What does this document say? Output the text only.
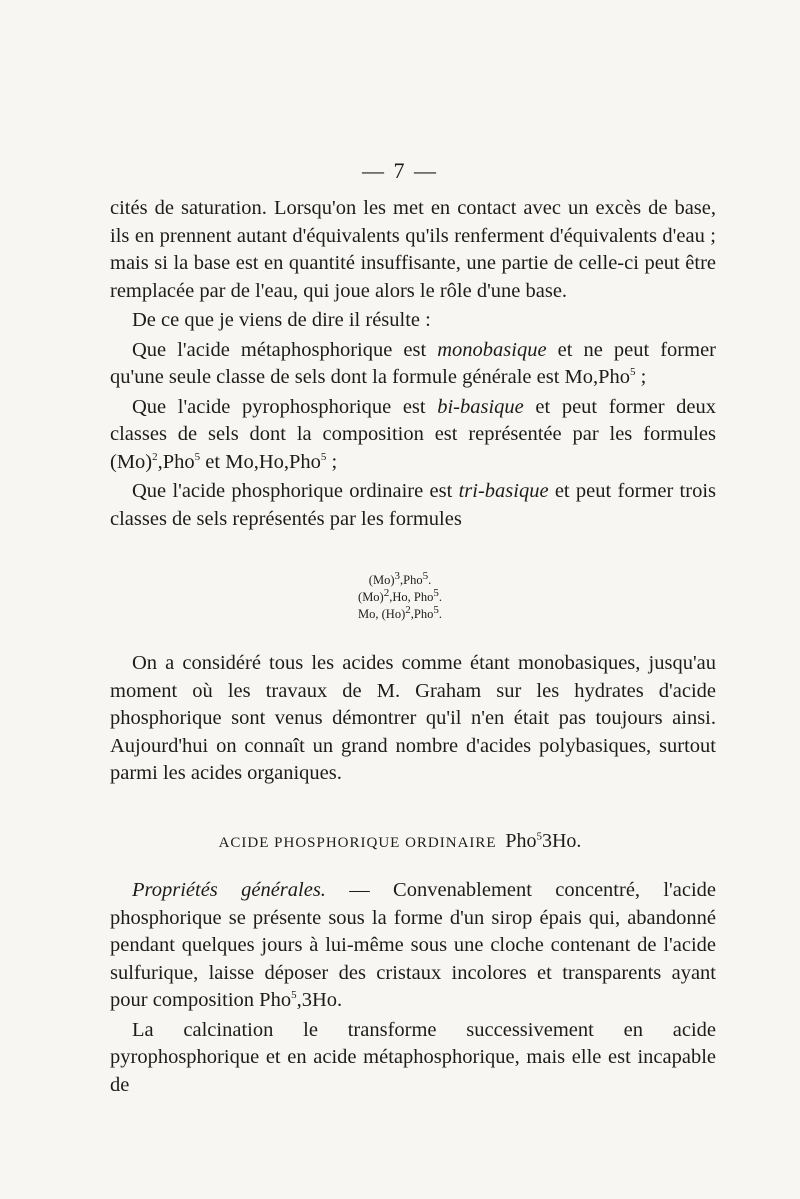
— 7 —

cités de saturation. Lorsqu'on les met en contact avec un excès de base, ils en prennent autant d'équivalents qu'ils renferment d'équivalents d'eau ; mais si la base est en quantité insuffisante, une partie de celle-ci peut être remplacée par de l'eau, qui joue alors le rôle d'une base.

De ce que je viens de dire il résulte :

Que l'acide métaphosphorique est monobasique et ne peut former qu'une seule classe de sels dont la formule générale est Mo,Pho$^5$ ;

Que l'acide pyrophosphorique est bi-basique et peut former deux classes de sels dont la composition est représentée par les formules $(Mo)^2,Pho^5$ et Mo,Ho,Pho$^5$ ;

Que l'acide phosphorique ordinaire est tri-basique et peut former trois classes de sels représentés par les formules

$(Mo)^3,Pho^5$.
$(Mo)^2,Ho$, Pho$^5$.
Mo, $(Ho)^2,Pho^5$.

On a considéré tous les acides comme étant monobasiques, jusqu'au moment où les travaux de M. Graham sur les hydrates d'acide phosphorique sont venus démontrer qu'il n'en était pas toujours ainsi. Aujourd'hui on connaît un grand nombre d'acides polybasiques, surtout parmi les acides organiques.

ACIDE PHOSPHORIQUE ORDINAIRE Pho$^5$3Ho.

Propriétés générales. — Convenablement concentré, l'acide phosphorique se présente sous la forme d'un sirop épais qui, abandonné pendant quelques jours à lui-même sous une cloche contenant de l'acide sulfurique, laisse déposer des cristaux incolores et transparents ayant pour composition Pho$^5$,3Ho.

La calcination le transforme successivement en acide pyrophosphorique et en acide métaphosphorique, mais elle est incapable de
